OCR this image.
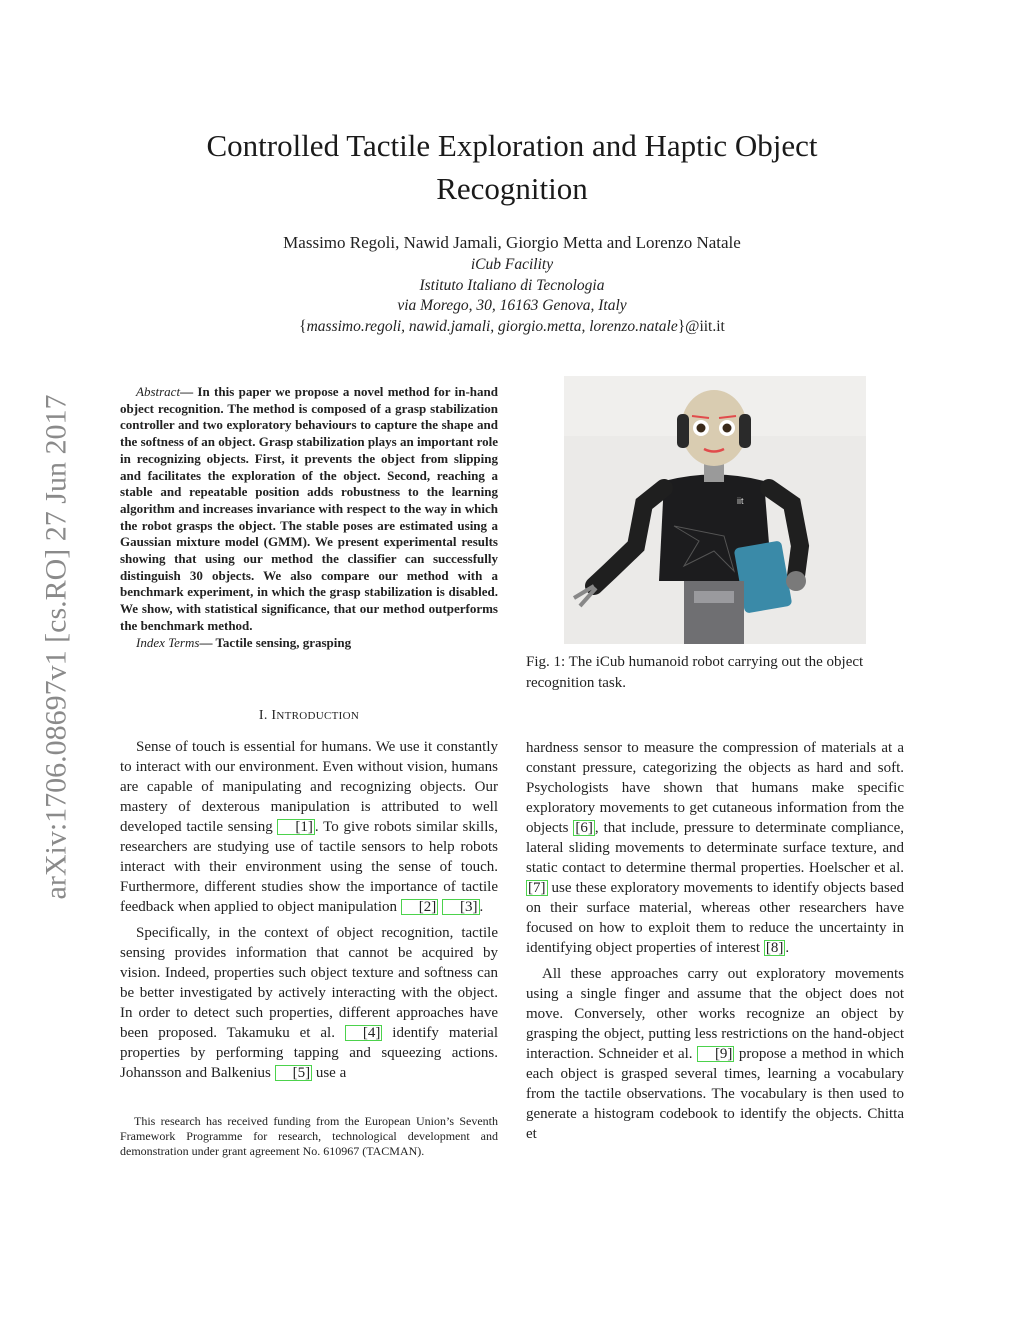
arXiv:1706.08697v1 [cs.RO] 27 Jun 2017
Controlled Tactile Exploration and Haptic Object
Recognition
Massimo Regoli, Nawid Jamali, Giorgio Metta and Lorenzo Natale
iCub Facility
Istituto Italiano di Tecnologia
via Morego, 30, 16163 Genova, Italy
{massimo.regoli, nawid.jamali, giorgio.metta, lorenzo.natale}@iit.it

Abstract— In this paper we propose a novel method for in-hand object recognition. The method is composed of a grasp stabilization controller and two exploratory behaviours to capture the shape and the softness of an object. Grasp stabilization plays an important role in recognizing objects. First, it prevents the object from slipping and facilitates the exploration of the object. Second, reaching a stable and repeatable position adds robustness to the learning algorithm and increases invariance with respect to the way in which the robot grasps the object. The stable poses are estimated using a Gaussian mixture model (GMM). We present experimental results showing that using our method the classifier can successfully distinguish 30 objects. We also compare our method with a benchmark experiment, in which the grasp stabilization is disabled. We show, with statistical significance, that our method outperforms the benchmark method.

Index Terms— Tactile sensing, grasping

I. INTRODUCTION

Sense of touch is essential for humans. We use it constantly to interact with our environment. Even without vision, humans are capable of manipulating and recognizing objects. Our mastery of dexterous manipulation is attributed to well developed tactile sensing [1] . To give robots similar skills, researchers are studying use of tactile sensors to help robots interact with their environment using the sense of touch. Furthermore, different studies show the importance of tactile feedback when applied to object manipulation [2] [3] .

Specifically, in the context of object recognition, tactile sensing provides information that cannot be acquired by vision. Indeed, properties such object texture and softness can be better investigated by actively interacting with the object. In order to detect such properties, different approaches have been proposed. Takamuku et al. [4] identify material properties by performing tapping and squeezing actions. Johansson and Balkenius [5] use a

This research has received funding from the European Union’s Seventh Framework Programme for research, technological development and demonstration under grant agreement No. 610967 (TACMAN).
iit
Fig. 1: The iCub humanoid robot carrying out the object recognition task.

hardness sensor to measure the compression of materials at a constant pressure, categorizing the objects as hard and soft. Psychologists have shown that humans make specific exploratory movements to get cutaneous information from the objects [6] , that include, pressure to determinate compliance, lateral sliding movements to determinate surface texture, and static contact to determine thermal properties. Hoelscher et al. [7] use these exploratory movements to identify objects based on their surface material, whereas other researchers have focused on how to exploit them to reduce the uncertainty in identifying object properties of interest [8] .

All these approaches carry out exploratory movements using a single finger and assume that the object does not move. Conversely, other works recognize an object by grasping the object, putting less restrictions on the hand-object interaction. Schneider et al. [9] propose a method in which each object is grasped several times, learning a vocabulary from the tactile observations. The vocabulary is then used to generate a histogram codebook to identify the objects. Chitta et
